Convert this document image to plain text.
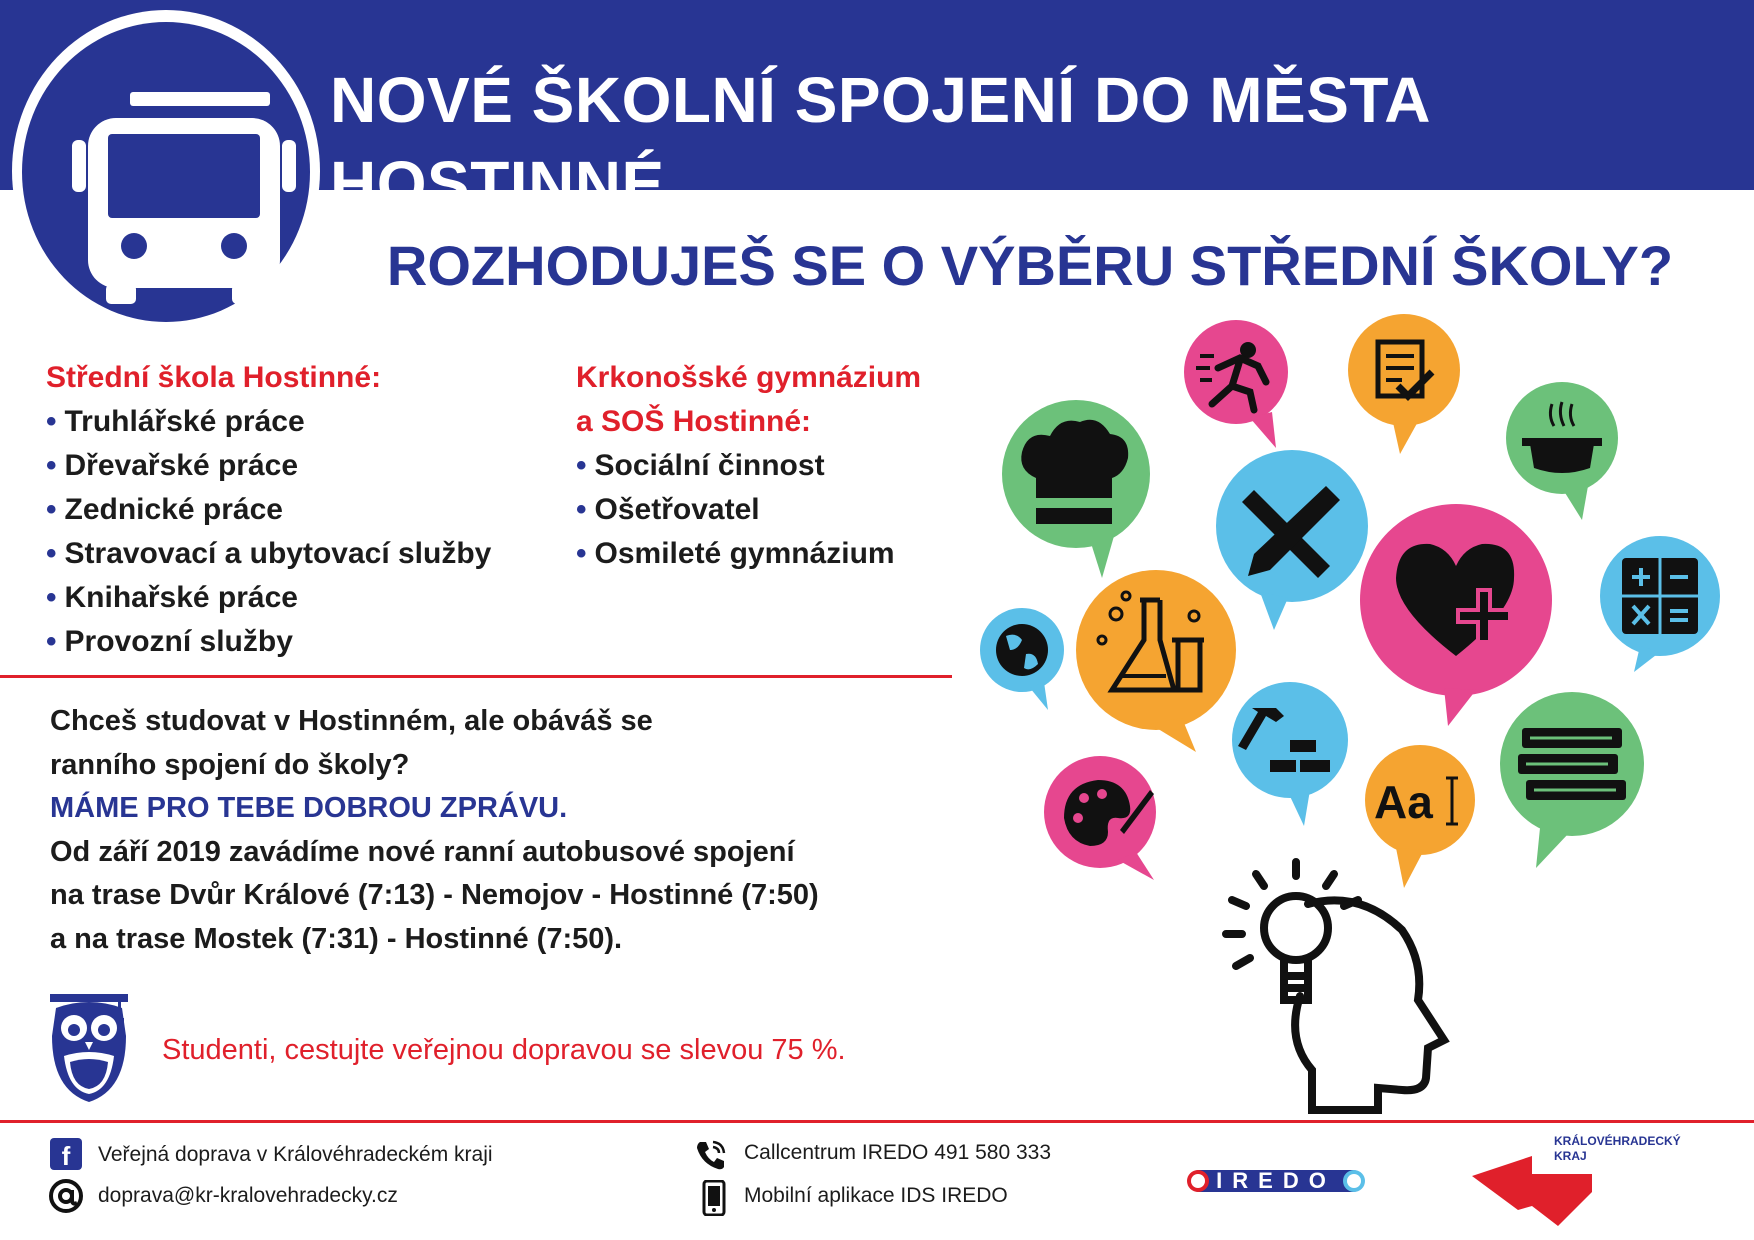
NOVÉ ŠKOLNÍ SPOJENÍ DO MĚSTA HOSTINNÉ
ROZHODUJEŠ SE O VÝBĚRU STŘEDNÍ ŠKOLY?
Střední škola Hostinné:
• Truhlářské práce
• Dřevařské práce
• Zednické práce
• Stravovací a ubytovací služby
• Knihařské práce
• Provozní služby
Krkonošské gymnázium
a SOŠ Hostinné:
• Sociální činnost
• Ošetřovatel
• Osmileté gymnázium

Chceš studovat v Hostinném, ale obáváš se

ranního spojení do školy?

MÁME PRO TEBE DOBROU ZPRÁVU.

Od září 2019 zavádíme nové ranní autobusové spojení

na trase Dvůr Králové (7:13) - Nemojov - Hostinné (7:50)

a na trase Mostek (7:31) - Hostinné (7:50).

Studenti, cestujte veřejnou dopravou se slevou 75 %.
f Veřejná doprava v Královéhradeckém kraji
doprava@kr-kralovehradecky.cz
Callcentrum IREDO 491 580 333
Mobilní aplikace IDS IREDO
IREDO
KRÁLOVÉHRADECKÝ
KRAJ
Aa
